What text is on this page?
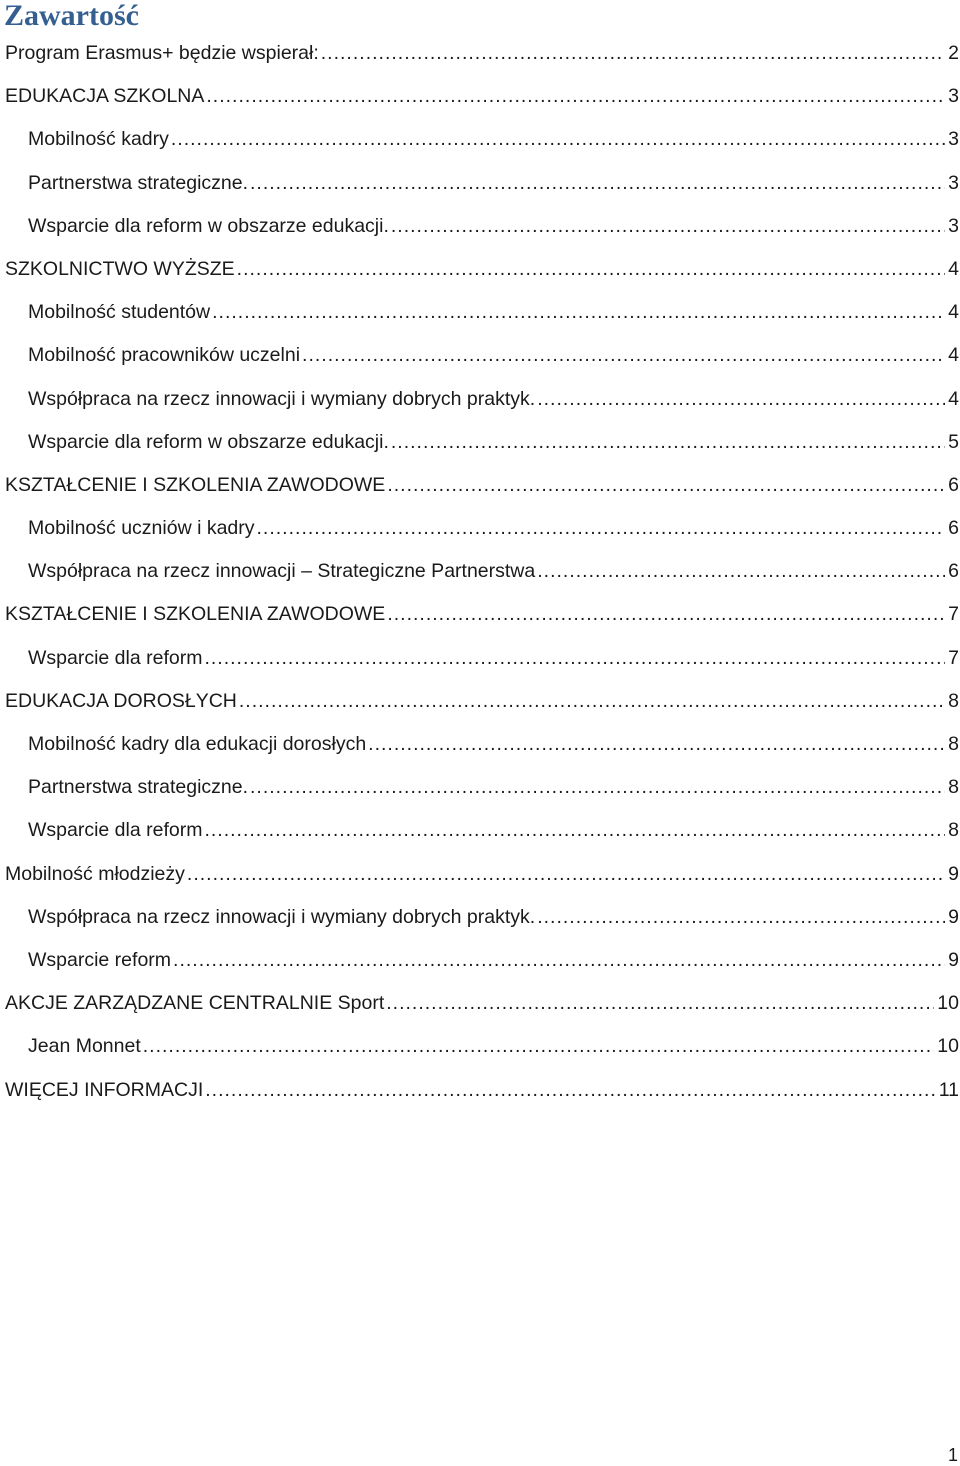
Zawartość
Program Erasmus+ będzie wspierał: .....	2
EDUKACJA SZKOLNA .....	3
Mobilność kadry .....	3
Partnerstwa strategiczne. .....	3
Wsparcie dla reform w obszarze edukacji. .....	3
SZKOLNICTWO WYŻSZE .....	4
Mobilność studentów .....	4
Mobilność pracowników uczelni .....	4
Współpraca na rzecz innowacji i wymiany dobrych praktyk. .....	4
Wsparcie dla reform w obszarze edukacji. .....	5
KSZTAŁCENIE I SZKOLENIA ZAWODOWE .....	6
Mobilność uczniów i kadry .....	6
Współpraca na rzecz innowacji – Strategiczne Partnerstwa .....	6
KSZTAŁCENIE I SZKOLENIA ZAWODOWE .....	7
Wsparcie dla reform .....	7
EDUKACJA DOROSŁYCH .....	8
Mobilność kadry dla edukacji dorosłych .....	8
Partnerstwa strategiczne. .....	8
Wsparcie dla reform .....	8
Mobilność młodzieży .....	9
Współpraca na rzecz innowacji i wymiany dobrych praktyk. .....	9
Wsparcie reform .....	9
AKCJE ZARZĄDZANE CENTRALNIE Sport .....	10
Jean Monnet .....	10
WIĘCEJ INFORMACJI .....	11
1
